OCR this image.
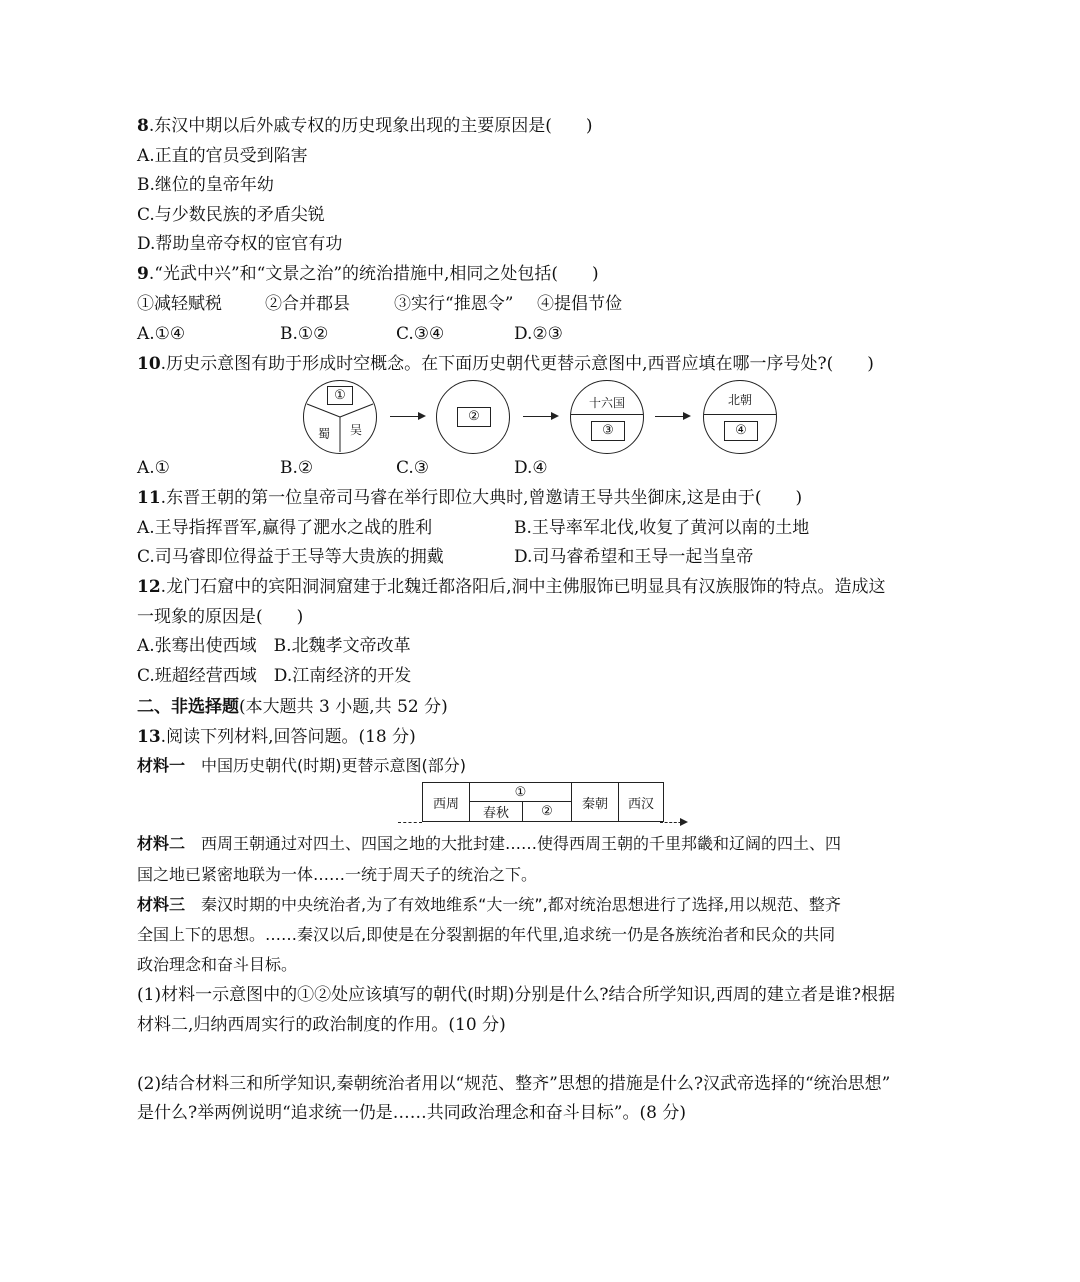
8.东汉中期以后外戚专权的历史现象出现的主要原因是(　　)
A.正直的官员受到陷害
B.继位的皇帝年幼
C.与少数民族的矛盾尖锐
D.帮助皇帝夺权的宦官有功
9.“光武中兴”和“文景之治”的统治措施中,相同之处包括(　　)
①减轻赋税	②合并郡县	③实行“推恩令” ④提倡节俭
A.①④	B.①②	C.③④	D.②③
10.历史示意图有助于形成时空概念。在下面历史朝代更替示意图中,西晋应填在哪一序号处?(　　)
①
蜀 吴
②
十六国
③
北朝
④
A.①	B.②	C.③	D.④
11.东晋王朝的第一位皇帝司马睿在举行即位大典时,曾邀请王导共坐御床,这是由于(　　)
A.王导指挥晋军,赢得了淝水之战的胜利	B.王导率军北伐,收复了黄河以南的土地
C.司马睿即位得益于王导等大贵族的拥戴	D.司马睿希望和王导一起当皇帝
12.龙门石窟中的宾阳洞洞窟建于北魏迁都洛阳后,洞中主佛服饰已明显具有汉族服饰的特点。造成这
一现象的原因是(　　)
A.张骞出使西域　B.北魏孝文帝改革
C.班超经营西域　D.江南经济的开发
二、非选择题(本大题共 3 小题,共 52 分)
13.阅读下列材料,回答问题。(18 分)
材料一　中国历史朝代(时期)更替示意图(部分)
西周	①		秦朝	西汉
	春秋	②		
材料二　西周王朝通过对四土、四国之地的大批封建……使得西周王朝的千里邦畿和辽阔的四土、四
国之地已紧密地联为一体……一统于周天子的统治之下。
材料三　秦汉时期的中央统治者,为了有效地维系“大一统”,都对统治思想进行了选择,用以规范、整齐
全国上下的思想。……秦汉以后,即使是在分裂割据的年代里,追求统一仍是各族统治者和民众的共同
政治理念和奋斗目标。
(1)材料一示意图中的①②处应该填写的朝代(时期)分别是什么?结合所学知识,西周的建立者是谁?根据
材料二,归纳西周实行的政治制度的作用。(10 分)
(2)结合材料三和所学知识,秦朝统治者用以“规范、整齐”思想的措施是什么?汉武帝选择的“统治思想”
是什么?举两例说明“追求统一仍是……共同政治理念和奋斗目标”。(8 分)
